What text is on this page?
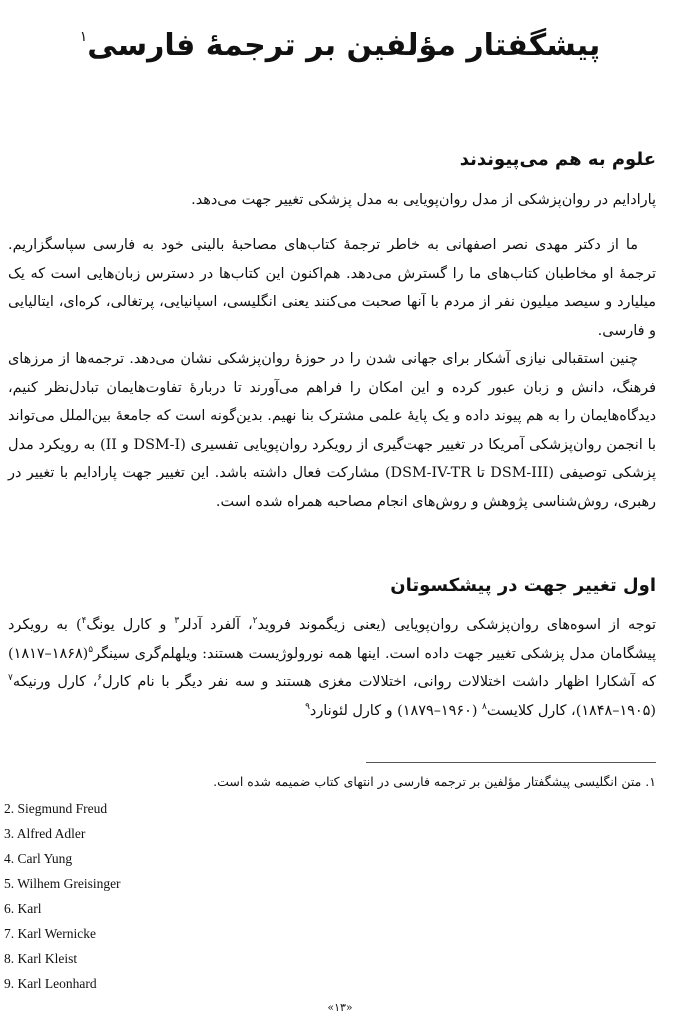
پیشگفتار مؤلفین بر ترجمهٔ فارسی$^۱$
علوم به هم می‌پیوندند

پارادایم در روان‌پزشکی از مدل روان‌پویایی به مدل پزشکی تغییر جهت می‌دهد.

ما از دکتر مهدی نصر اصفهانی به خاطر ترجمهٔ کتاب‌های مصاحبهٔ بالینی خود به فارسی سپاسگزاریم. ترجمهٔ او مخاطبان کتاب‌های ما را گسترش می‌دهد. هم‌اکنون این کتاب‌ها در دسترس زبان‌هایی است که یک میلیارد و سیصد میلیون نفر از مردم با آنها صحبت می‌کنند یعنی انگلیسی، اسپانیایی، پرتغالی، کره‌ای، ایتالیایی و فارسی.

چنین استقبالی نیازی آشکار برای جهانی شدن را در حوزهٔ روان‌پزشکی نشان می‌دهد. ترجمه‌ها از مرزهای فرهنگ، دانش و زبان عبور کرده و این امکان را فراهم می‌آورند تا دربارهٔ تفاوت‌هایمان تبادل‌نظر کنیم، دیدگاه‌هایمان را به هم پیوند داده و یک پایهٔ علمی مشترک بنا نهیم. بدین‌گونه است که جامعهٔ بین‌الملل می‌تواند با انجمن روان‌پزشکی آمریکا در تغییر جهت‌گیری از رویکرد روان‌پویایی تفسیری (DSM-I و II) به رویکرد مدل پزشکی توصیفی (DSM-III تا DSM-IV-TR) مشارکت فعال داشته باشد. این تغییر جهت پارادایم با تغییر در رهبری، روش‌شناسی پژوهش و روش‌های انجام مصاحبه همراه شده است.

اول تغییر جهت در پیشکسوتان

توجه از اسوه‌های روان‌پزشکی روان‌پویایی (یعنی زیگموند فروید$^۲$، آلفرد آدلر$^۳$ و کارل یونگ$^۴$) به رویکرد پیشگامان مدل پزشکی تغییر جهت داده است. اینها همه نورولوژیست هستند: ویلهلم‌گری سینگر$^۵$(۱۸۶۸–۱۸۱۷) که آشکارا اظهار داشت اختلالات روانی، اختلالات مغزی هستند و سه نفر دیگر با نام کارل$^۶$، کارل ورنیکه$^۷$ (۱۹۰۵–۱۸۴۸)، کارل کلایست$^۸$ (۱۹۶۰–۱۸۷۹) و کارل لئونارد$^۹$

۱. متن انگلیسی پیشگفتار مؤلفین بر ترجمه فارسی در انتهای کتاب ضمیمه شده است.

2. Siegmund Freud
3. Alfred Adler
4. Carl Yung
5. Wilhem Greisinger
6. Karl
7. Karl Wernicke
8. Karl Kleist
9. Karl Leonhard
«۱۳»
